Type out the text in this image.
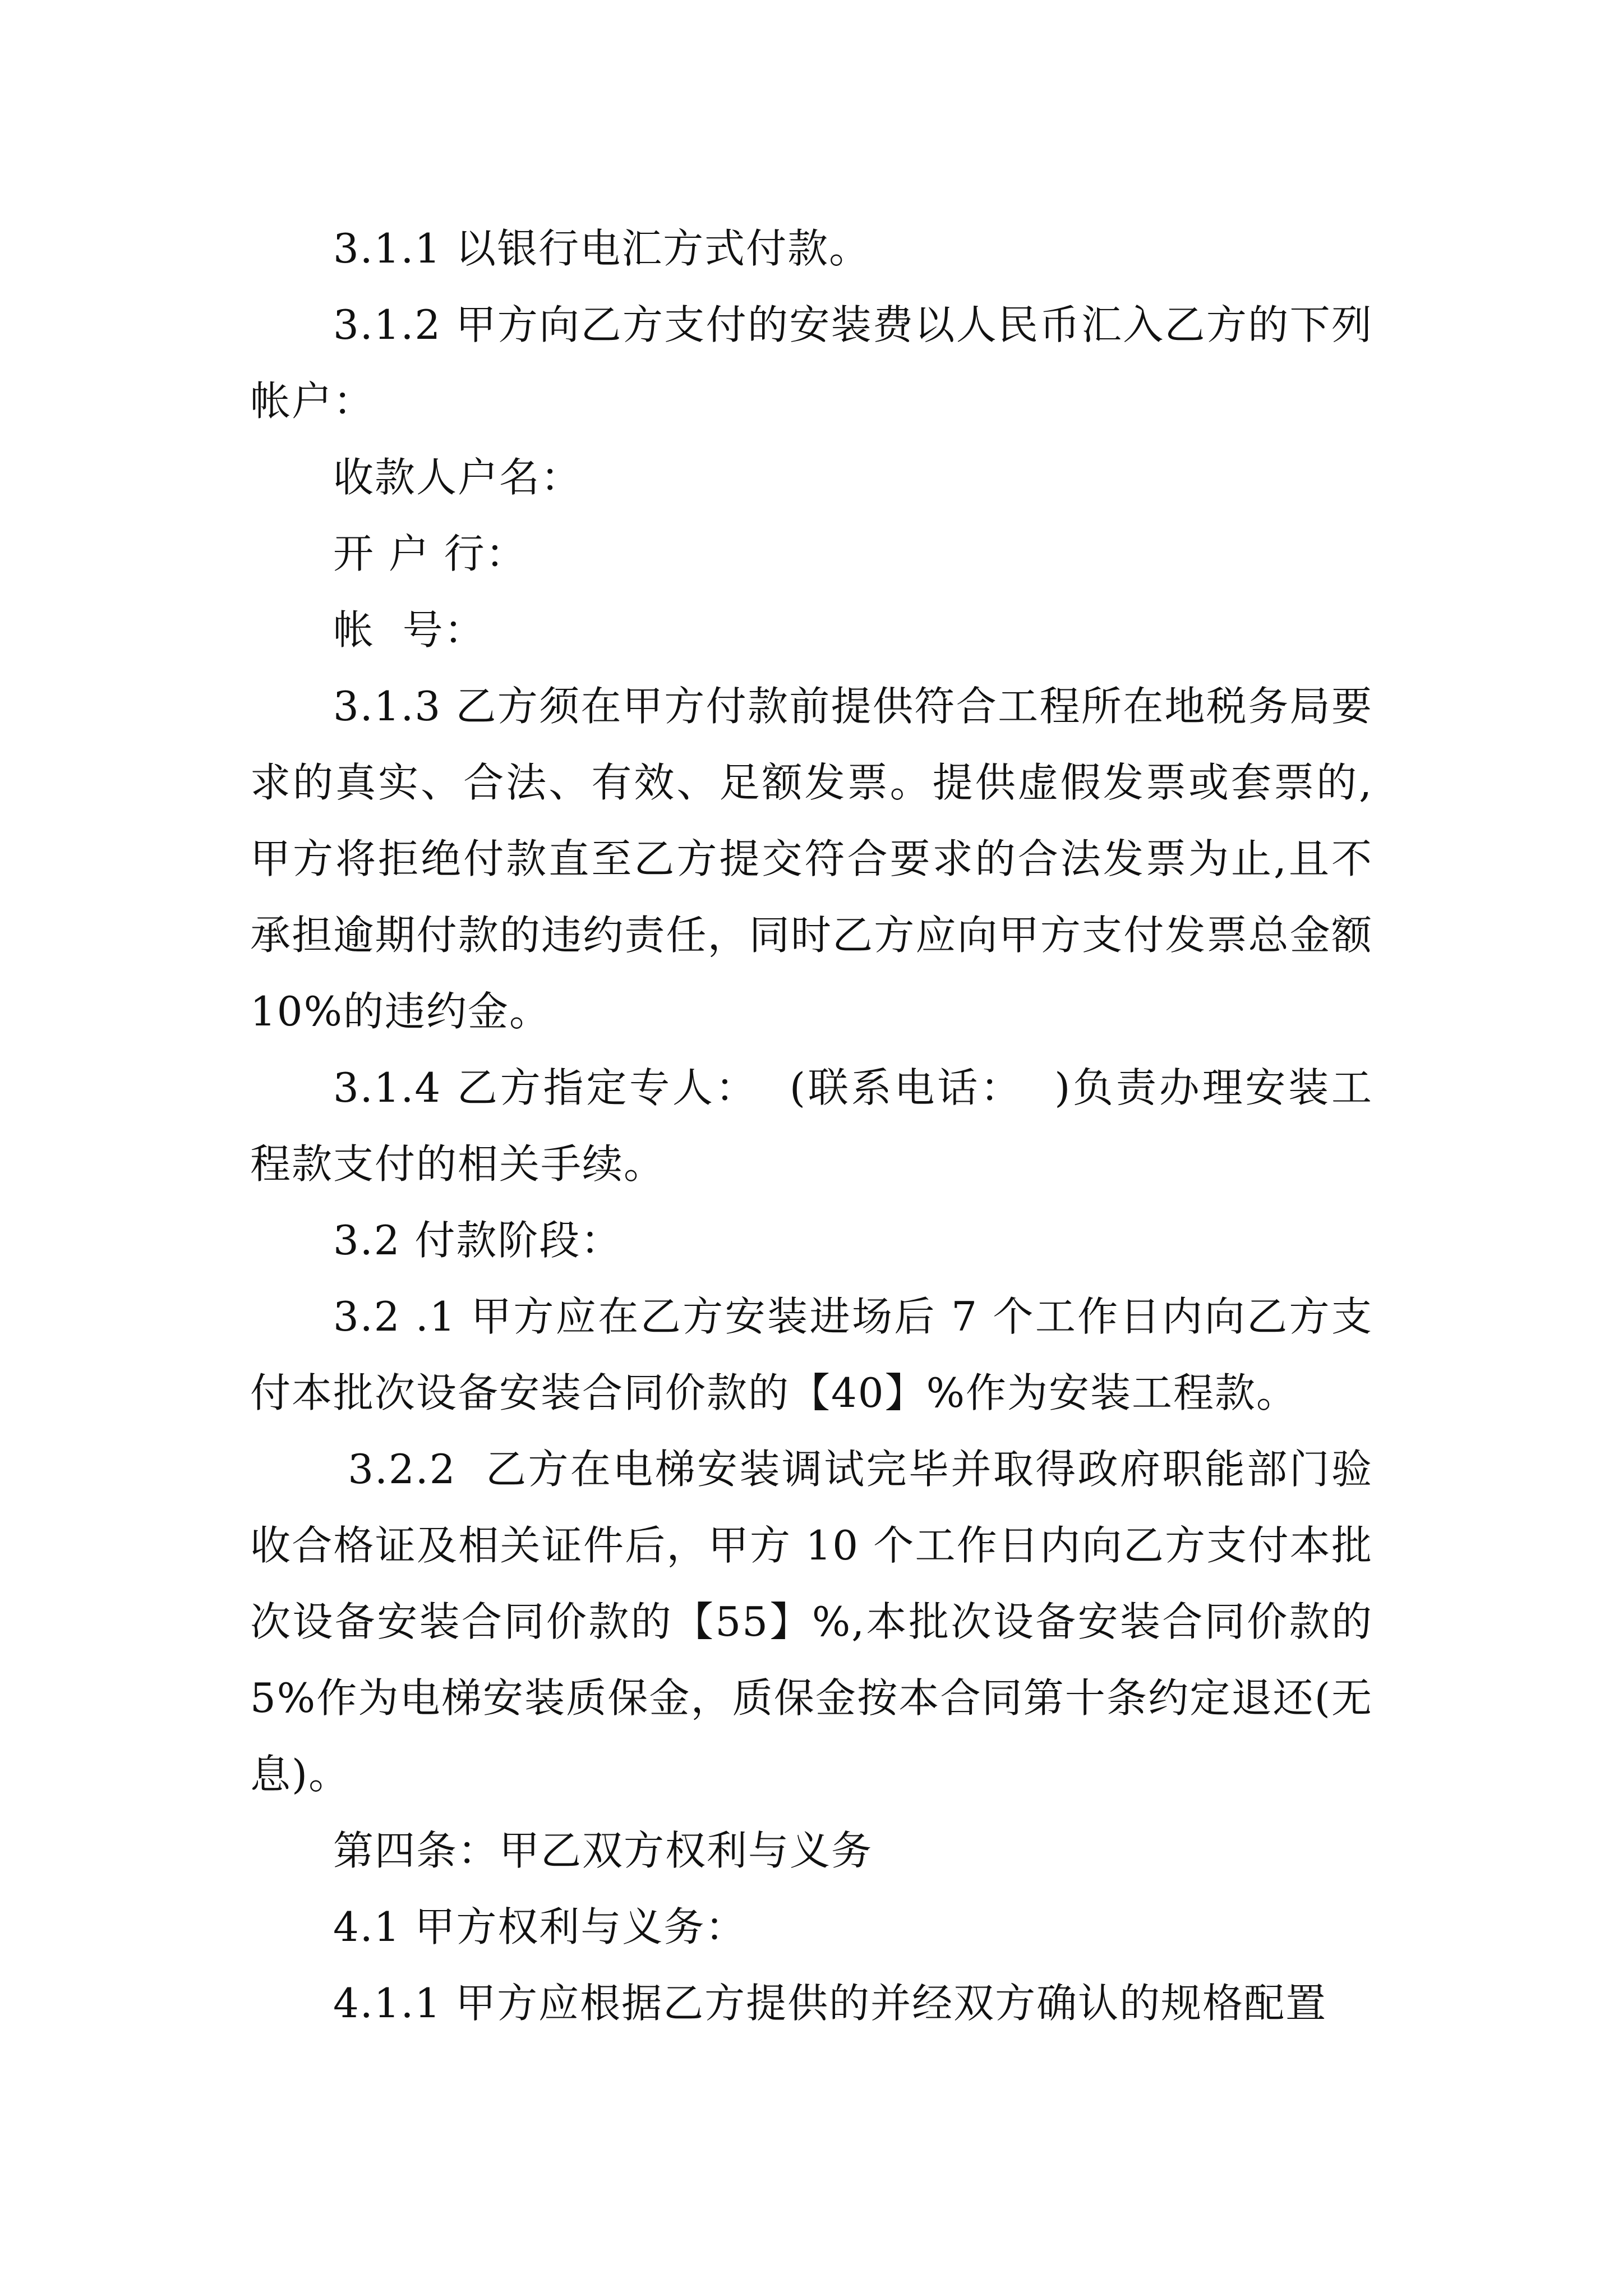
3.1.1 以银行电汇方式付款。

3.1.2 甲方向乙方支付的安装费以人民币汇入乙方的下列帐户：

收款人户名：

开 户 行：

帐  号：

3.1.3 乙方须在甲方付款前提供符合工程所在地税务局要求的真实、合法、有效、足额发票。提供虚假发票或套票的,甲方将拒绝付款直至乙方提交符合要求的合法发票为止,且不承担逾期付款的违约责任，同时乙方应向甲方支付发票总金额 10%的违约金。

3.1.4 乙方指定专人：  (联系电话：  )负责办理安装工程款支付的相关手续。

3.2 付款阶段：

3.2 .1 甲方应在乙方安装进场后 7 个工作日内向乙方支付本批次设备安装合同价款的【40】%作为安装工程款。

3.2.2  乙方在电梯安装调试完毕并取得政府职能部门验收合格证及相关证件后，甲方 10 个工作日内向乙方支付本批次设备安装合同价款的【55】%,本批次设备安装合同价款的 5%作为电梯安装质保金，质保金按本合同第十条约定退还(无息)。

第四条：甲乙双方权利与义务

4.1 甲方权利与义务：

4.1.1 甲方应根据乙方提供的并经双方确认的规格配置
